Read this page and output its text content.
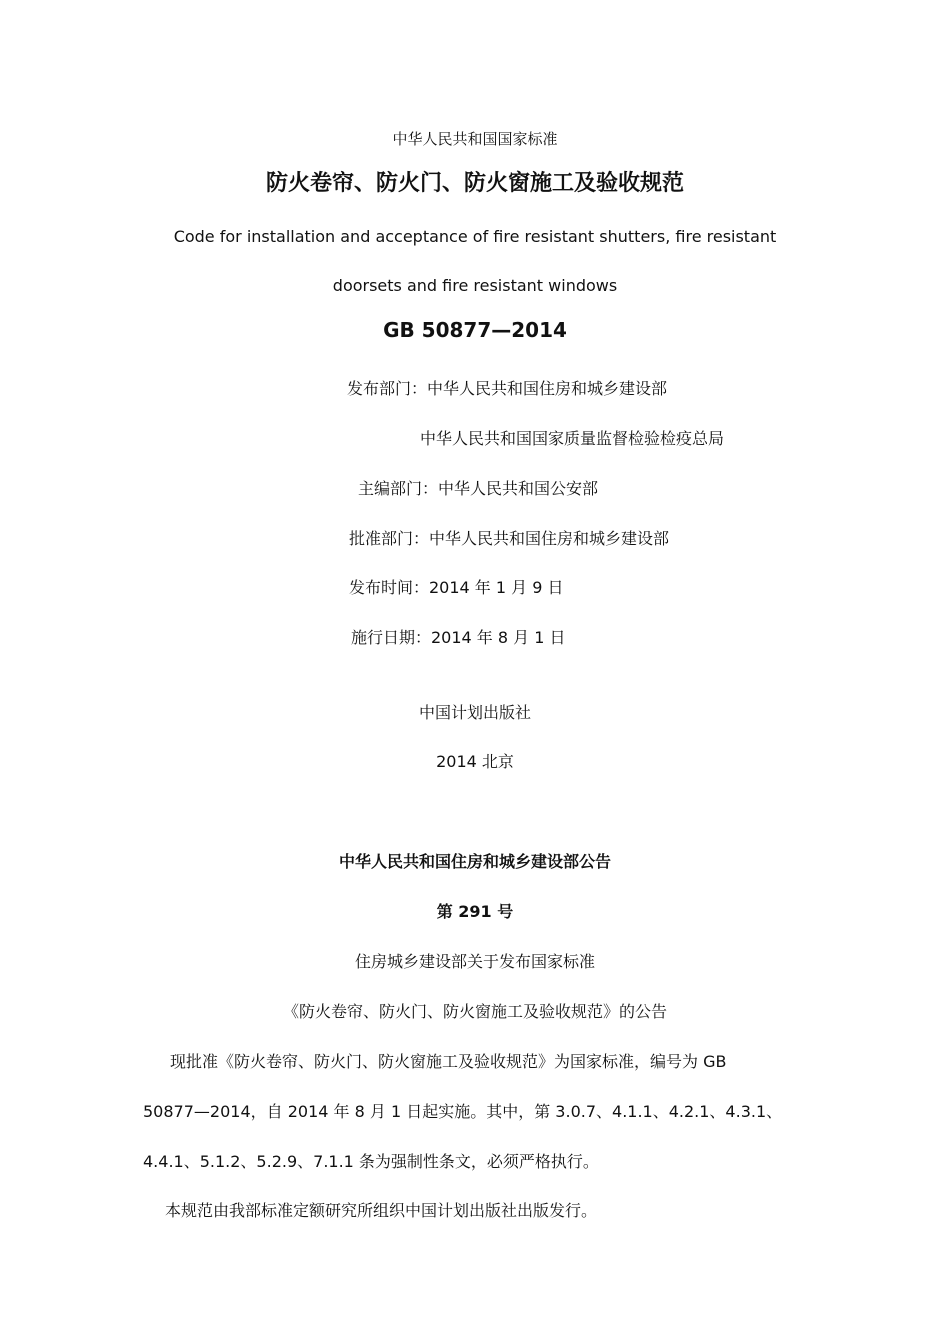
中华人民共和国国家标准
防火卷帘、防火门、防火窗施工及验收规范
Code for installation and acceptance of fire resistant shutters, fire resistant
doorsets and fire resistant windows
GB 50877—2014
发布部门：中华人民共和国住房和城乡建设部
中华人民共和国国家质量监督检验检疫总局
主编部门：中华人民共和国公安部
批准部门：中华人民共和国住房和城乡建设部
发布时间：2014 年 1 月 9 日
施行日期：2014 年 8 月 1 日
中国计划出版社
2014 北京
中华人民共和国住房和城乡建设部公告
第 291 号
住房城乡建设部关于发布国家标准
《防火卷帘、防火门、防火窗施工及验收规范》的公告
现批准《防火卷帘、防火门、防火窗施工及验收规范》为国家标准，编号为 GB
50877—2014，自 2014 年 8 月 1 日起实施。其中，第 3.0.7、4.1.1、4.2.1、4.3.1、
4.4.1、5.1.2、5.2.9、7.1.1 条为强制性条文，必须严格执行。
本规范由我部标准定额研究所组织中国计划出版社出版发行。
